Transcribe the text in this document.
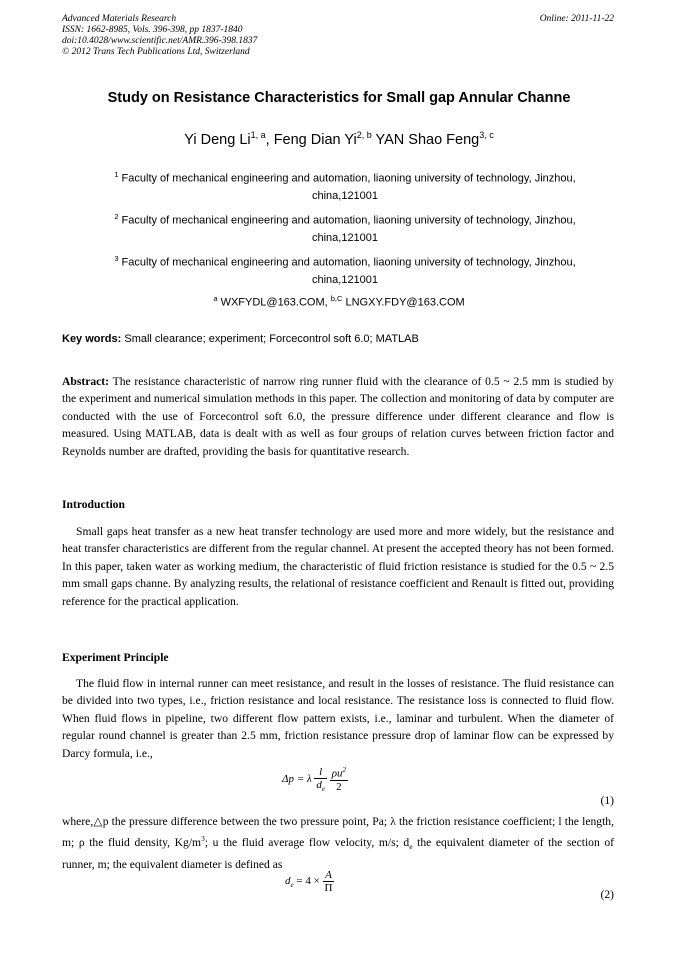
Advanced Materials Research
ISSN: 1662-8985, Vols. 396-398, pp 1837-1840
doi:10.4028/www.scientific.net/AMR.396-398.1837
© 2012 Trans Tech Publications Ltd, Switzerland
Online: 2011-11-22
Study on Resistance Characteristics for Small gap Annular Channe
Yi Deng Li$^{1, a}$, Feng Dian Yi$^{2, b}$ YAN Shao Feng$^{3, c}$
$^1$ Faculty of mechanical engineering and automation, liaoning university of technology, Jinzhou,
china,121001
$^2$ Faculty of mechanical engineering and automation, liaoning university of technology, Jinzhou,
china,121001
$^3$ Faculty of mechanical engineering and automation, liaoning university of technology, Jinzhou,
china,121001
$^a$ WXFYDL@163.COM, $^{b,C}$ LNGXY.FDY@163.COM
Key words: Small clearance; experiment; Forcecontrol soft 6.0; MATLAB
Abstract: The resistance characteristic of narrow ring runner fluid with the clearance of 0.5 ~ 2.5 mm is studied by the experiment and numerical simulation methods in this paper. The collection and monitoring of data by computer are conducted with the use of Forcecontrol soft 6.0, the pressure difference under different clearance and flow is measured. Using MATLAB, data is dealt with as well as four groups of relation curves between friction factor and Reynolds number are drafted, providing the basis for quantitative research.
Introduction
Small gaps heat transfer as a new heat transfer technology are used more and more widely, but the resistance and heat transfer characteristics are different from the regular channel. At present the accepted theory has not been formed. In this paper, taken water as working medium, the characteristic of fluid friction resistance is studied for the 0.5 ~ 2.5 mm small gaps channe. By analyzing results, the relational of resistance coefficient and Renault is fitted out, providing reference for the practical application.
Experiment Principle
The fluid flow in internal runner can meet resistance, and result in the losses of resistance. The fluid resistance can be divided into two types, i.e., friction resistance and local resistance. The resistance loss is connected to fluid flow. When fluid flows in pipeline, two different flow pattern exists, i.e., laminar and turbulent. When the diameter of regular round channel is greater than 2.5 mm, friction resistance pressure drop of laminar flow can be expressed by Darcy formula, i.e.,
Δp = λ $\frac{l}{d_e}$
$\frac{\rho u^2}{2}$
(1)
where,△p the pressure difference between the two pressure point, Pa; λ the friction resistance coefficient; l the length, m; ρ the fluid density, $Kg/m^3$; u the fluid average flow velocity, m/s; $d_e$ the equivalent diameter of the section of runner, m; the equivalent diameter is defined as
$d_e = 4 \times \frac{A}{\Pi}$
(2)
